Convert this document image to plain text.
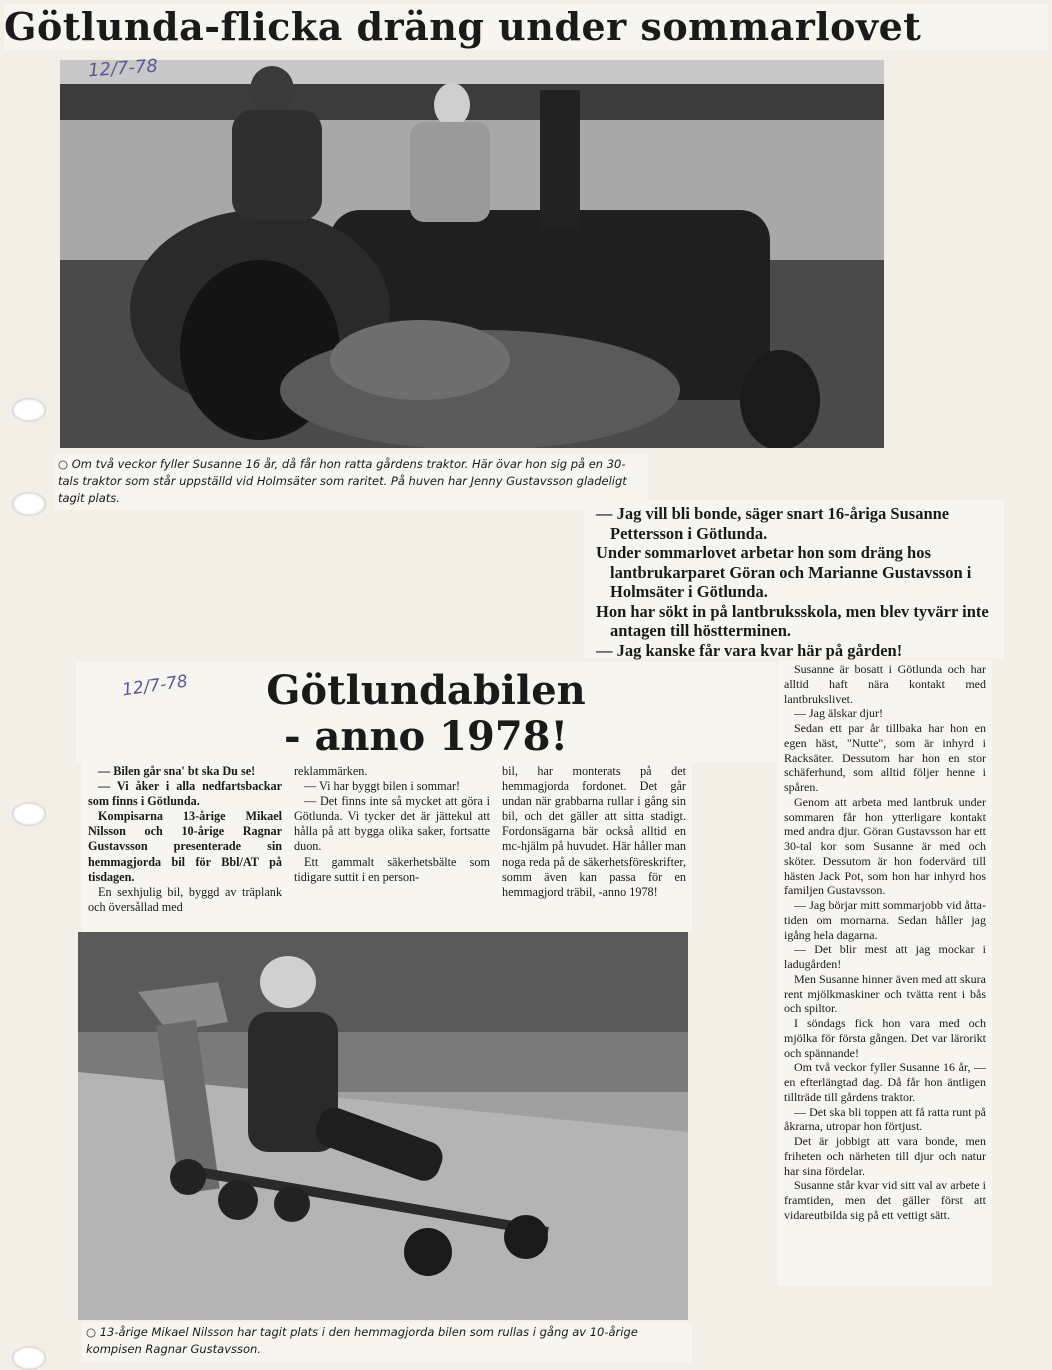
Götlunda-flicka dräng under sommarlovet
12/7-78
○ Om två veckor fyller Susanne 16 år, då får hon ratta gårdens traktor. Här övar hon sig på en 30-tals traktor som står uppställd vid Holmsäter som raritet. På huven har Jenny Gustavsson gladeligt tagit plats.

— Jag vill bli bonde, säger snart 16-åriga Susanne Pettersson i Götlunda.

Under sommarlovet arbetar hon som dräng hos lantbrukarparet Göran och Marianne Gustavsson i Holmsäter i Götlunda.

Hon har sökt in på lantbruksskola, men blev tyvärr inte antagen till höstterminen.

— Jag kanske får vara kvar här på gården!

Susanne är bosatt i Götlunda och har alltid haft nära kontakt med lantbrukslivet.

— Jag älskar djur!

Sedan ett par år tillbaka har hon en egen häst, "Nutte", som är inhyrd i Racksäter. Dessutom har hon en stor schäferhund, som alltid följer henne i spåren.

Genom att arbeta med lantbruk under sommaren får hon ytterligare kontakt med andra djur. Göran Gustavsson har ett 30-tal kor som Susanne är med och sköter. Dessutom är hon fodervärd till hästen Jack Pot, som hon har inhyrd hos familjen Gustavsson.

— Jag börjar mitt sommarjobb vid åtta-tiden om mornarna. Sedan håller jag igång hela dagarna.

— Det blir mest att jag mockar i ladugården!

Men Susanne hinner även med att skura rent mjölkmaskiner och tvätta rent i bås och spiltor.

I söndags fick hon vara med och mjölka för första gången. Det var lärorikt och spännande!

Om två veckor fyller Susanne 16 år, — en efterlängtad dag. Då får hon äntligen tillträde till gårdens traktor.

— Det ska bli toppen att få ratta runt på åkrarna, utropar hon förtjust.

Det är jobbigt att vara bonde, men friheten och närheten till djur och natur har sina fördelar.

Susanne står kvar vid sitt val av arbete i framtiden, men det gäller först att vidareutbilda sig på ett vettigt sätt.

Götlundabilen
- anno 1978!
12/7-78

— Bilen går sna' bt ska Du se!

— Vi åker i alla nedfartsbackar som finns i Götlunda.

Kompisarna 13-årige Mikael Nilsson och 10-årige Ragnar Gustavsson presenterade sin hemmagjorda bil för Bbl/AT på tisdagen.

En sexhjulig bil, byggd av träplank och översållad med

reklammärken.

— Vi har byggt bilen i sommar!

— Det finns inte så mycket att göra i Götlunda. Vi tycker det är jättekul att hålla på att bygga olika saker, fortsatte duon.

Ett gammalt säkerhetsbälte som tidigare suttit i en person-

bil, har monterats på det hemmagjorda fordonet. Det går undan när grabbarna rullar i gång sin bil, och det gäller att sitta stadigt. Fordonsägarna bär också alltid en mc-hjälm på huvudet. Här håller man noga reda på de säkerhetsföreskrifter, somm även kan passa för en hemmagjord träbil, -anno 1978!

○ 13-årige Mikael Nilsson har tagit plats i den hemmagjorda bilen som rullas i gång av 10-årige kompisen Ragnar Gustavsson.
